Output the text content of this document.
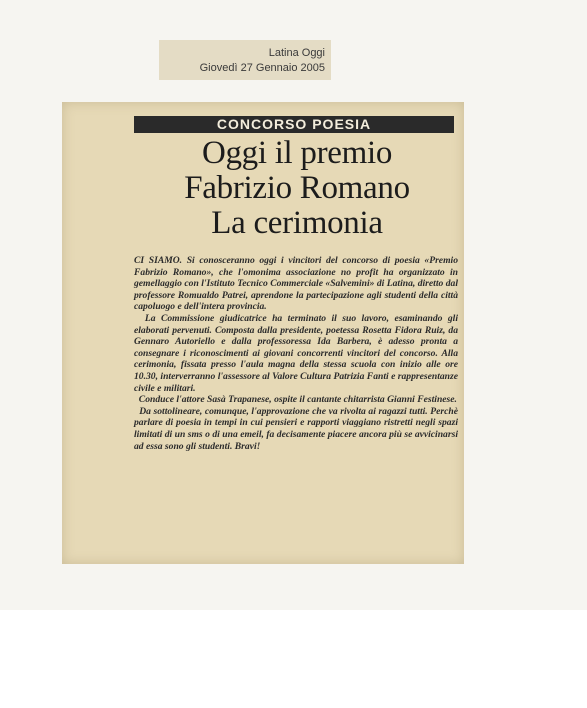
Latina Oggi
Giovedì 27 Gennaio 2005
CONCORSO POESIA
Oggi il premio
Fabrizio Romano
La cerimonia

CI SIAMO. Si conosceranno oggi i vincitori del concorso di poesia «Premio Fabrizio Romano», che l'omonima associazione no profit ha organizzato in gemellaggio con l'Istituto Tecnico Commerciale «Salvemini» di Latina, diretto dal professore Romualdo Patrei, aprendone la partecipazione agli studenti della città capoluogo e dell'intera provincia.

La Commissione giudicatrice ha terminato il suo lavoro, esaminando gli elaborati pervenuti. Composta dalla presidente, poetessa Rosetta Fidora Ruiz, da Gennaro Autoriello e dalla professoressa Ida Barbera, è adesso pronta a consegnare i riconoscimenti ai giovani concorrenti vincitori del concorso. Alla cerimonia, fissata presso l'aula magna della stessa scuola con inizio alle ore 10.30, interverranno l'assessore al Valore Cultura Patrizia Fanti e rappresentanze civile e militari.

Conduce l'attore Sasà Trapanese, ospite il cantante chitarrista Gianni Festinese.

Da sottolineare, comunque, l'approvazione che va rivolta ai ragazzi tutti. Perchè parlare di poesia in tempi in cui pensieri e rapporti viaggiano ristretti negli spazi limitati di un sms o di una emeil, fa decisamente piacere ancora più se avvicinarsi ad essa sono gli studenti. Bravi!
